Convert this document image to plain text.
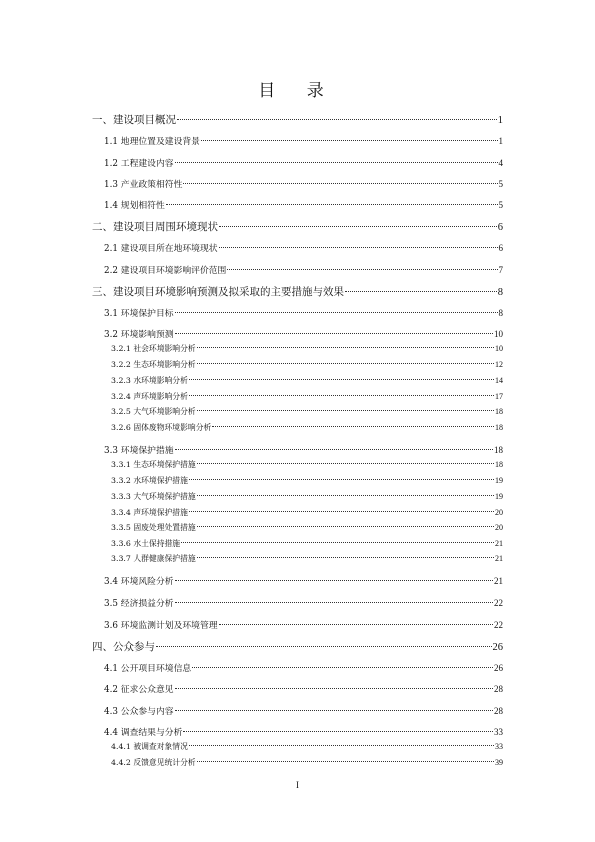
目 录
一、建设项目概况	1
1.1 地理位置及建设背景	1
1.2 工程建设内容	4
1.3 产业政策相符性	5
1.4 规划相符性	5
二、建设项目周围环境现状	6
2.1 建设项目所在地环境现状	6
2.2 建设项目环境影响评价范围	7
三、建设项目环境影响预测及拟采取的主要措施与效果	8
3.1 环境保护目标	8
3.2 环境影响预测	10
3.2.1 社会环境影响分析	10
3.2.2 生态环境影响分析	12
3.2.3 水环境影响分析	14
3.2.4 声环境影响分析	17
3.2.5 大气环境影响分析	18
3.2.6 固体废物环境影响分析	18
3.3 环境保护措施	18
3.3.1 生态环境保护措施	18
3.3.2 水环境保护措施	19
3.3.3 大气环境保护措施	19
3.3.4 声环境保护措施	20
3.3.5 固废处理处置措施	20
3.3.6 水土保持措施	21
3.3.7 人群健康保护措施	21
3.4 环境风险分析	21
3.5 经济损益分析	22
3.6 环境监测计划及环境管理	22
四、公众参与	26
4.1 公开项目环境信息	26
4.2 征求公众意见	28
4.3 公众参与内容	28
4.4 调查结果与分析	33
4.4.1 被调查对象情况	33
4.4.2 反馈意见统计分析	39
I
